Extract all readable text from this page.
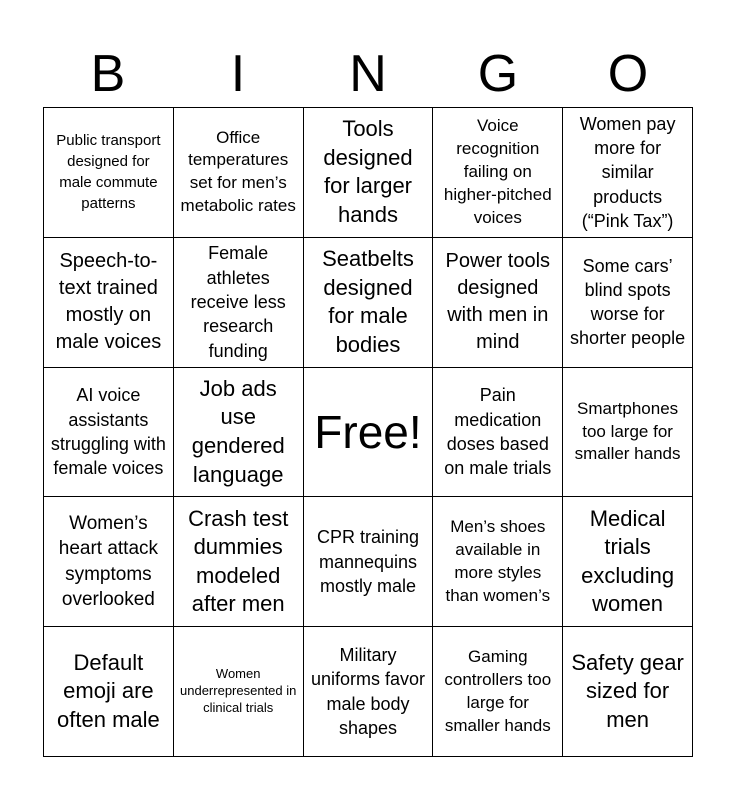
B	I	N	G	O
Public transport designed for male commute patterns
Office temperatures set for men’s metabolic rates
Tools designed for larger hands
Voice recognition failing on higher-pitched voices
Women pay more for similar products (“Pink Tax”)
Speech-to-text trained mostly on male voices
Female athletes receive less research funding
Seatbelts designed for male bodies
Power tools designed with men in mind
Some cars’ blind spots worse for shorter people
AI voice assistants struggling with female voices
Job ads use gendered language
Free!
Pain medication doses based on male trials
Smartphones too large for smaller hands
Women’s heart attack symptoms overlooked
Crash test dummies modeled after men
CPR training mannequins mostly male
Men’s shoes available in more styles than women’s
Medical trials excluding women
Default emoji are often male
Women underrepresented in clinical trials
Military uniforms favor male body shapes
Gaming controllers too large for smaller hands
Safety gear sized for men
